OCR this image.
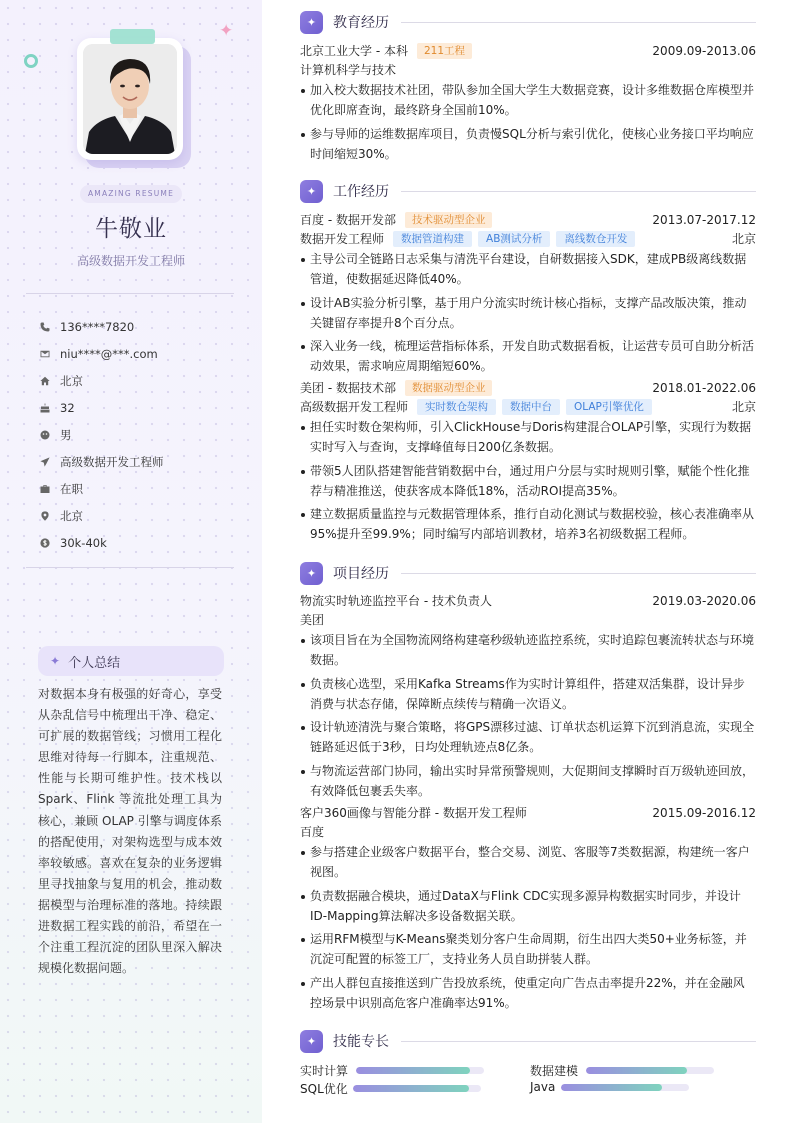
✦
AMAZING RESUME
牛敬业
高级数据开发工程师
136****7820
niu****@***.com
北京
32
男
高级数据开发工程师
在职
北京
30k-40k
✦ 个人总结
对数据本身有极强的好奇心，享受从杂乱信号中梳理出干净、稳定、可扩展的数据管线；习惯用工程化思维对待每一行脚本，注重规范、性能与长期可维护性。技术栈以Spark、Flink 等流批处理工具为核心，兼顾 OLAP 引擎与调度体系的搭配使用，对架构选型与成本效率较敏感。喜欢在复杂的业务逻辑里寻找抽象与复用的机会，推动数据模型与治理标准的落地。持续跟进数据工程实践的前沿，希望在一个注重工程沉淀的团队里深入解决规模化数据问题。
✦	教育经历
北京工业大学 - 本科	211工程	2009.09-2013.06
计算机科学与技术
加入校大数据技术社团，带队参加全国大学生大数据竞赛，设计多维数据仓库模型并优化即席查询，最终跻身全国前10%。
参与导师的运维数据库项目，负责慢SQL分析与索引优化，使核心业务接口平均响应时间缩短30%。
✦	工作经历
百度 - 数据开发部	技术驱动型企业	2013.07-2017.12
数据开发工程师	数据管道构建	AB测试分析	离线数仓开发	北京
主导公司全链路日志采集与清洗平台建设，自研数据接入SDK，建成PB级离线数据管道，使数据延迟降低40%。
设计AB实验分析引擎，基于用户分流实时统计核心指标，支撑产品改版决策，推动关键留存率提升8个百分点。
深入业务一线，梳理运营指标体系，开发自助式数据看板，让运营专员可自助分析活动效果，需求响应周期缩短60%。
美团 - 数据技术部	数据驱动型企业	2018.01-2022.06
高级数据开发工程师	实时数仓架构	数据中台	OLAP引擎优化	北京
担任实时数仓架构师，引入ClickHouse与Doris构建混合OLAP引擎，实现行为数据实时写入与查询，支撑峰值每日200亿条数据。
带领5人团队搭建智能营销数据中台，通过用户分层与实时规则引擎，赋能个性化推荐与精准推送，使获客成本降低18%，活动ROI提高35%。
建立数据质量监控与元数据管理体系，推行自动化测试与数据校验，核心表准确率从95%提升至99.9%；同时编写内部培训教材，培养3名初级数据工程师。
✦	项目经历
物流实时轨迹监控平台 - 技术负责人	2019.03-2020.06
美团
该项目旨在为全国物流网络构建毫秒级轨迹监控系统，实时追踪包裹流转状态与环境数据。
负责核心选型，采用Kafka Streams作为实时计算组件，搭建双活集群，设计异步消费与状态存储，保障断点续传与精确一次语义。
设计轨迹清洗与聚合策略，将GPS漂移过滤、订单状态机运算下沉到消息流，实现全链路延迟低于3秒，日均处理轨迹点8亿条。
与物流运营部门协同，输出实时异常预警规则，大促期间支撑瞬时百万级轨迹回放，有效降低包裹丢失率。
客户360画像与智能分群 - 数据开发工程师	2015.09-2016.12
百度
参与搭建企业级客户数据平台，整合交易、浏览、客服等7类数据源，构建统一客户视图。
负责数据融合模块，通过DataX与Flink CDC实现多源异构数据实时同步，并设计ID-Mapping算法解决多设备数据关联。
运用RFM模型与K-Means聚类划分客户生命周期，衍生出四大类50+业务标签，并沉淀可配置的标签工厂，支持业务人员自助拼装人群。
产出人群包直接推送到广告投放系统，使重定向广告点击率提升22%，并在金融风控场景中识别高危客户准确率达91%。
✦	技能专长
实时计算	数据建模
SQL优化	Java
